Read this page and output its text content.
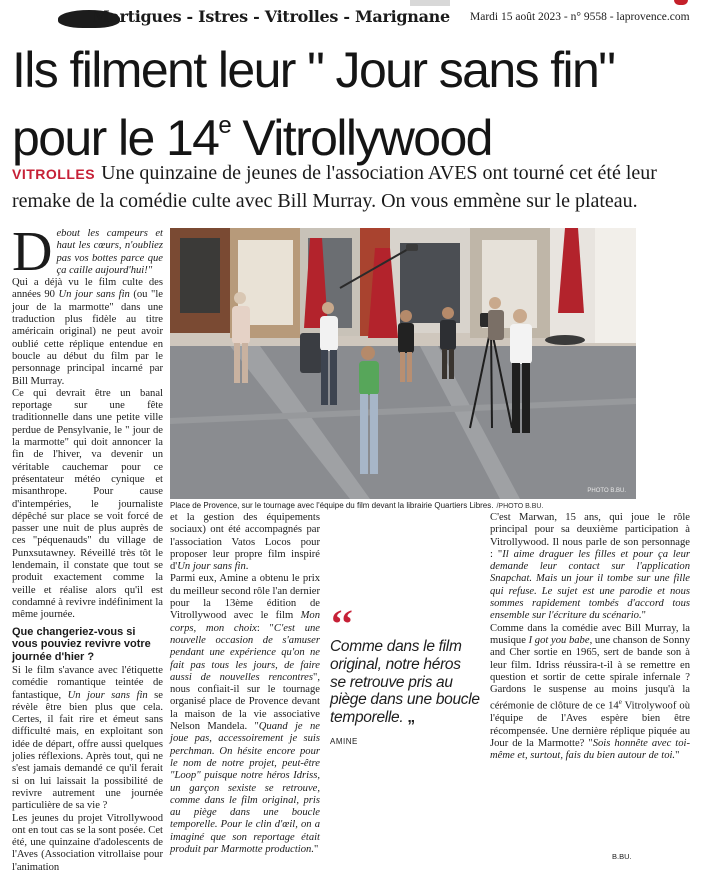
Martigues - Istres - Vitrolles - Marignane Mardi 15 août 2023 - n° 9558 - laprovence.com
Ils filment leur " Jour sans fin" pour le 14e Vitrollywood
VITROLLES Une quinzaine de jeunes de l'association AVES ont tourné cet été leur remake de la comédie culte avec Bill Murray. On vous emmène sur le plateau.

Debout les campeurs et haut les cœurs, n'oubliez pas vos bottes parce que ça caille aujourd'hui!"

Qui a déjà vu le film culte des années 90 Un jour sans fin (ou "le jour de la marmotte" dans une traduction plus fidèle au titre américain original) ne peut avoir oublié cette réplique entendue en boucle au début du film par le personnage principal incarné par Bill Murray.

Ce qui devrait être un banal reportage sur une fête traditionnelle dans une petite ville perdue de Pensylvanie, le " jour de la marmotte" qui doit annoncer la fin de l'hiver, va devenir un véritable cauchemar pour ce présentateur météo cynique et misanthrope. Pour cause d'intempéries, le journaliste dépêché sur place se voit forcé de passer une nuit de plus auprès de ces "péquenauds" du village de Punxsutawney. Réveillé très tôt le lendemain, il constate que tout se produit exactement comme la veille et réalise alors qu'il est condamné à revivre indéfiniment la même journée.

Que changeriez-vous si vous pouviez revivre votre journée d'hier ?

Si le film s'avance avec l'étiquette comédie romantique teintée de fantastique, Un jour sans fin se révèle être bien plus que cela. Certes, il fait rire et émeut sans difficulté mais, en exploitant son idée de départ, offre aussi quelques jolies réflexions. Après tout, qui ne s'est jamais demandé ce qu'il ferait si on lui laissait la possibilité de revivre autrement une journée particulière de sa vie ?

Les jeunes du projet Vitrollywood ont en tout cas se la sont posée. Cet été, une quinzaine d'adolescents de l'Aves (Association vitrollaise pour l'animation

PHOTO B.BU.
Place de Provence, sur le tournage avec l'équipe du film devant la librairie Quartiers Libres. /PHOTO B.BU.

et la gestion des équipements sociaux) ont été accompagnés par l'association Vatos Locos pour proposer leur propre film inspiré d'Un jour sans fin.

Parmi eux, Amine a obtenu le prix du meilleur second rôle l'an dernier pour la 13ème édition de Vitrollywood avec le film Mon corps, mon choix: "C'est une nouvelle occasion de s'amuser pendant une expérience qu'on ne fait pas tous les jours, de faire aussi de nouvelles rencontres", nous confiait-il sur le tournage organisé place de Provence devant la maison de la vie associative Nelson Mandela. "Quand je ne joue pas, accessoirement je suis perchman. On hésite encore pour le nom de notre projet, peut-être "Loop" puisque notre héros Idriss, un garçon sexiste se retrouve, comme dans le film original, pris au piège dans une boucle temporelle. Pour le clin d'œil, on a imaginé que son reportage était produit par Marmotte production."

‘‘
Comme dans le film original, notre héros se retrouve pris au piège dans une boucle temporelle. „
AMINE

C'est Marwan, 15 ans, qui joue le rôle principal pour sa deuxième participation à Vitrollywood. Il nous parle de son personnage : "Il aime draguer les filles et pour ça leur demande leur contact sur l'application Snapchat. Mais un jour il tombe sur une fille qui refuse. Le sujet est une parodie et nous sommes rapidement tombés d'accord tous ensemble sur l'écriture du scénario."

Comme dans la comédie avec Bill Murray, la musique I got you babe, une chanson de Sonny and Cher sortie en 1965, sert de bande son à leur film. Idriss réussira-t-il à se remettre en question et sortir de cette spirale infernale ? Gardons le suspense au moins jusqu'à la cérémonie de clôture de ce 14e Vitrolywoof où l'équipe de l'Aves espère bien être récompensée. Une dernière réplique piquée au Jour de la Marmotte? "Sois honnête avec toi-même et, surtout, fais du bien autour de toi."

B.BU.
